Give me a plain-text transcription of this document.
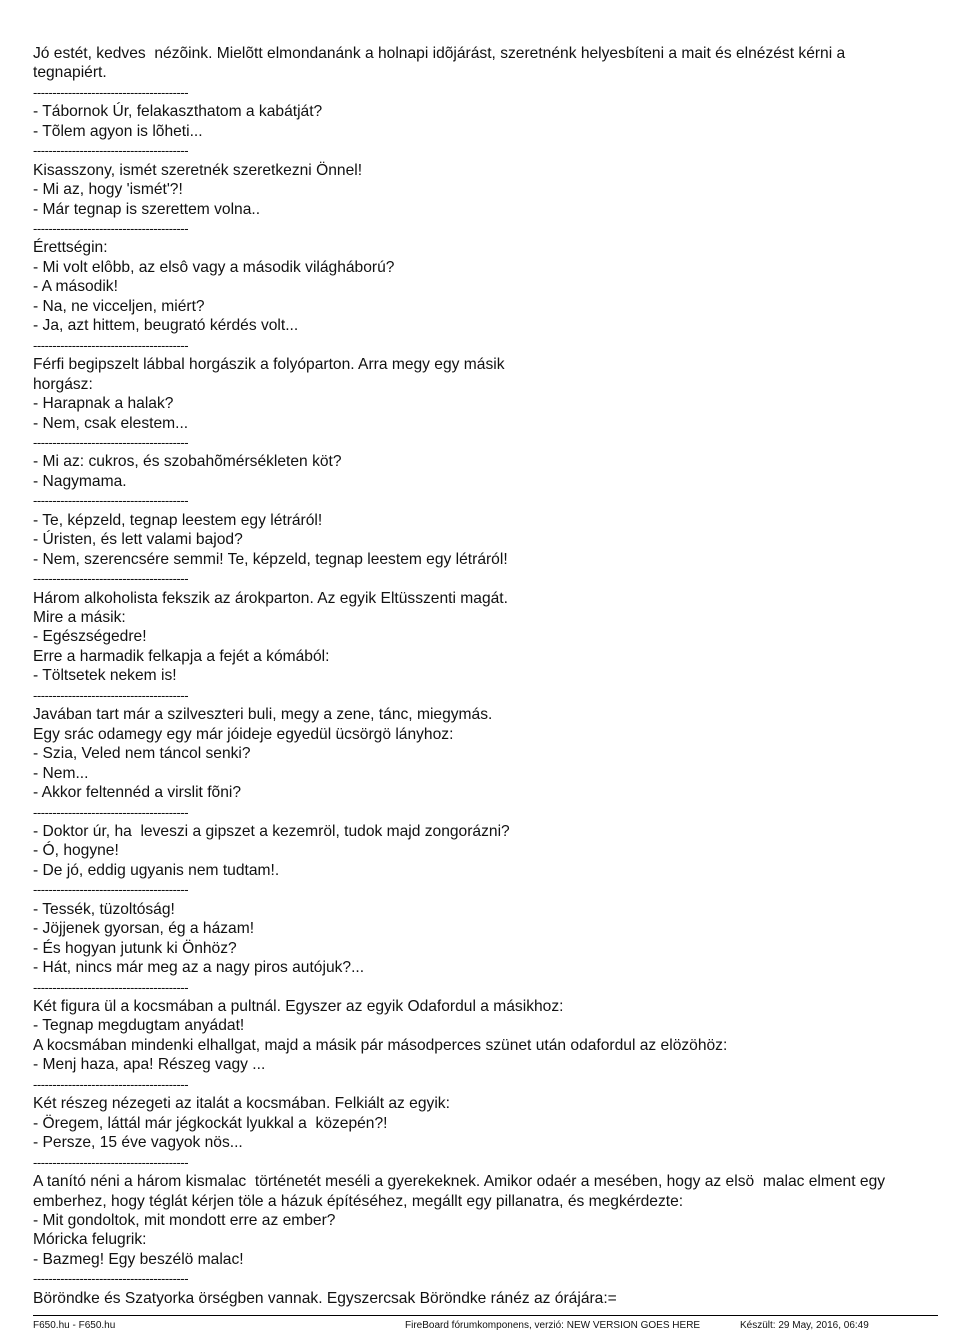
Jó estét, kedves  nézõink. Mielõtt elmondanánk a holnapi idõjárást, szeretnénk helyesbíteni a mait és elnézést kérni a
tegnapiért.
----------------------------------------
- Tábornok Úr, felakaszthatom a kabátját?
- Tõlem agyon is lõheti...
----------------------------------------
Kisasszony, ismét szeretnék szeretkezni Önnel!
- Mi az, hogy 'ismét'?!
- Már tegnap is szerettem volna..
----------------------------------------
Érettségin:
- Mi volt elôbb, az elsô vagy a második világháború?
- A második!
- Na, ne vicceljen, miért?
- Ja, azt hittem, beugrató kérdés volt...
----------------------------------------
Férfi begipszelt lábbal horgászik a folyóparton. Arra megy egy másik
horgász:
- Harapnak a halak?
- Nem, csak elestem...
----------------------------------------
- Mi az: cukros, és szobahõmérsékleten köt?
- Nagymama.
----------------------------------------
- Te, képzeld, tegnap leestem egy létráról!
- Úristen, és lett valami bajod?
- Nem, szerencsére semmi! Te, képzeld, tegnap leestem egy létráról!
----------------------------------------
Három alkoholista fekszik az árokparton. Az egyik Eltüsszenti magát.
Mire a másik:
- Egészségedre!
Erre a harmadik felkapja a fejét a kómából:
- Töltsetek nekem is!
----------------------------------------
Javában tart már a szilveszteri buli, megy a zene, tánc, miegymás.
Egy srác odamegy egy már jóideje egyedül ücsörgö lányhoz:
- Szia, Veled nem táncol senki?
- Nem...
- Akkor feltennéd a virslit fõni?
----------------------------------------
- Doktor úr, ha  leveszi a gipszet a kezemröl, tudok majd zongorázni?
- Ó, hogyne!
- De jó, eddig ugyanis nem tudtam!.
----------------------------------------
- Tessék, tüzoltóság!
- Jöjjenek gyorsan, ég a házam!
- És hogyan jutunk ki Önhöz?
- Hát, nincs már meg az a nagy piros autójuk?...
----------------------------------------
Két figura ül a kocsmában a pultnál. Egyszer az egyik Odafordul a másikhoz:
- Tegnap megdugtam anyádat!
A kocsmában mindenki elhallgat, majd a másik pár másodperces szünet után odafordul az elözöhöz:
- Menj haza, apa! Részeg vagy ...
----------------------------------------
Két részeg nézegeti az italát a kocsmában. Felkiált az egyik:
- Öregem, láttál már jégkockát lyukkal a  közepén?!
- Persze, 15 éve vagyok nös...
----------------------------------------
A tanító néni a három kismalac  történetét meséli a gyerekeknek. Amikor odaér a mesében, hogy az elsö  malac elment egy
emberhez, hogy téglát kérjen töle a házuk építéséhez, megállt egy pillanatra, és megkérdezte:
- Mit gondoltok, mit mondott erre az ember?
Móricka felugrik:
- Bazmeg! Egy beszélö malac!
----------------------------------------
Böröndke és Szatyorka örségben vannak. Egyszercsak Böröndke ránéz az órájára:=
F650.hu - F650.hu	FireBoard fórumkomponens, verzió: NEW VERSION GOES HERE	Készült: 29 May, 2016, 06:49
